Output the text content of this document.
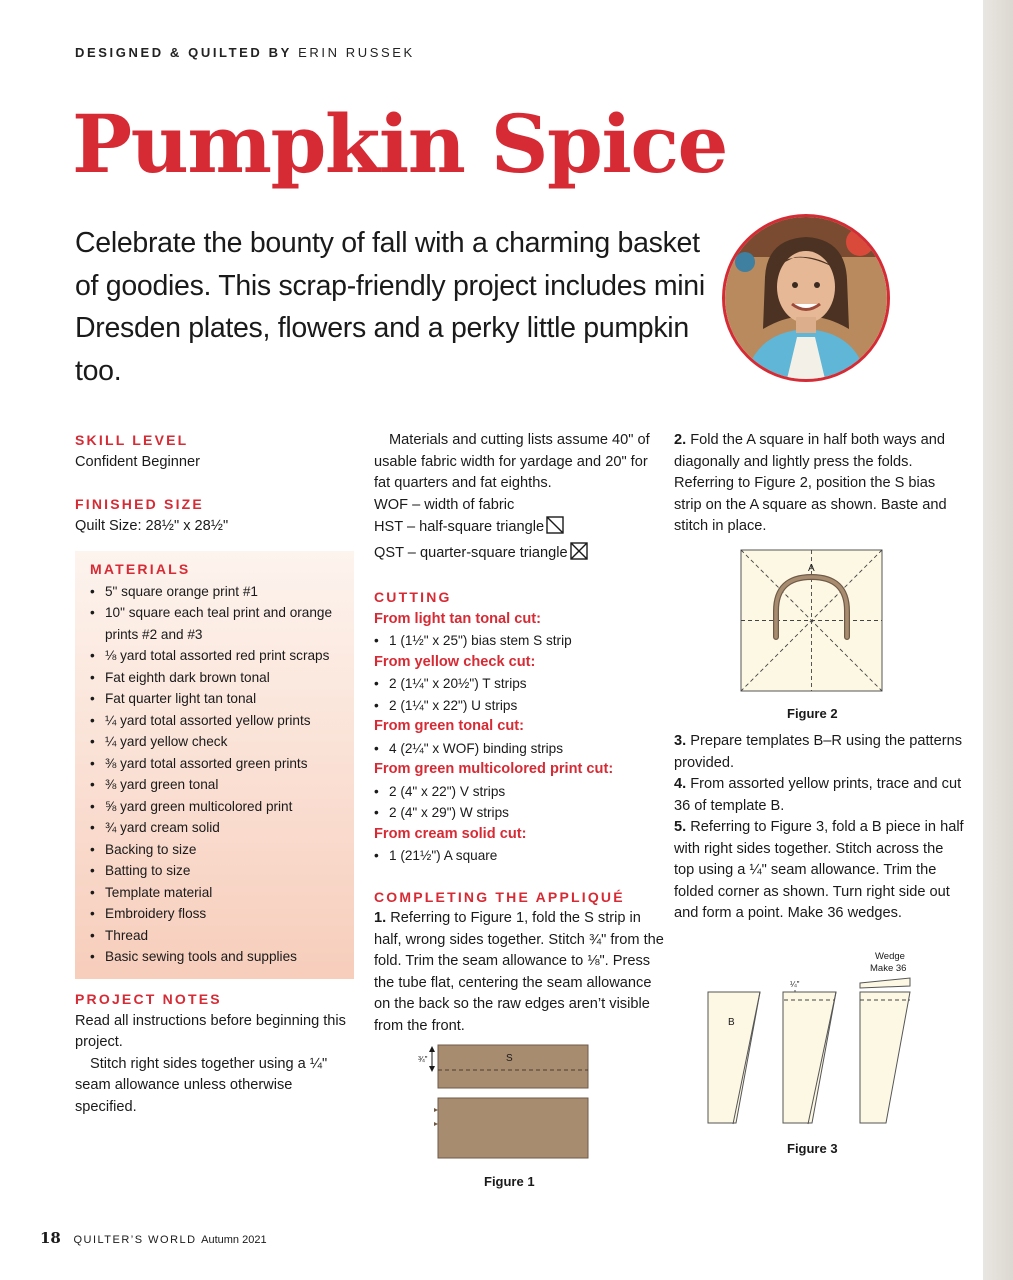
DESIGNED & QUILTED BY ERIN RUSSEK
Pumpkin Spice

Celebrate the bounty of fall with a charming basket of goodies. This scrap-friendly project includes mini Dresden plates, flowers and a perky little pumpkin too.

SKILL LEVEL
Confident Beginner
FINISHED SIZE
Quilt Size: 28½" x 28½"
MATERIALS
• 5" square orange print #1
• 10" square each teal print and orange prints #2 and #3
• ⅛ yard total assorted red print scraps
• Fat eighth dark brown tonal
• Fat quarter light tan tonal
• ¼ yard total assorted yellow prints
• ¼ yard yellow check
• ⅜ yard total assorted green prints
• ⅜ yard green tonal
• ⅝ yard green multicolored print
• ¾ yard cream solid
• Backing to size
• Batting to size
• Template material
• Embroidery floss
• Thread
• Basic sewing tools and supplies
PROJECT NOTES
Read all instructions before beginning this project.
Stitch right sides together using a ¼" seam allowance unless otherwise specified.
Materials and cutting lists assume 40" of usable fabric width for yardage and 20" for fat quarters and fat eighths.
WOF – width of fabric
HST – half-square triangle
QST – quarter-square triangle
CUTTING
From light tan tonal cut:
• 1 (1½" x 25") bias stem S strip
From yellow check cut:
• 2 (1¼" x 20½") T strips
• 2 (1¼" x 22") U strips
From green tonal cut:
• 4 (2¼" x WOF) binding strips
From green multicolored print cut:
• 2 (4" x 22") V strips
• 2 (4" x 29") W strips
From cream solid cut:
• 1 (21½") A square
COMPLETING THE APPLIQUÉ
1. Referring to Figure 1, fold the S strip in half, wrong sides together. Stitch ¾" from the fold. Trim the seam allowance to ⅛". Press the tube flat, centering the seam allowance on the back so the raw edges aren’t visible from the front.
¾"	S
Figure 1
2. Fold the A square in half both ways and diagonally and lightly press the folds. Referring to Figure 2, position the S bias strip on the A square as shown. Baste and stitch in place.
A
Figure 2
3. Prepare templates B–R using the patterns provided.
4. From assorted yellow prints, trace and cut 36 of template B.
5. Referring to Figure 3, fold a B piece in half with right sides together. Stitch across the top using a ¼" seam allowance. Trim the folded corner as shown. Turn right side out and form a point. Make 36 wedges.
Wedge
Make 36
B
¼"
Figure 3
18 QUILTER’S WORLD Autumn 2021
